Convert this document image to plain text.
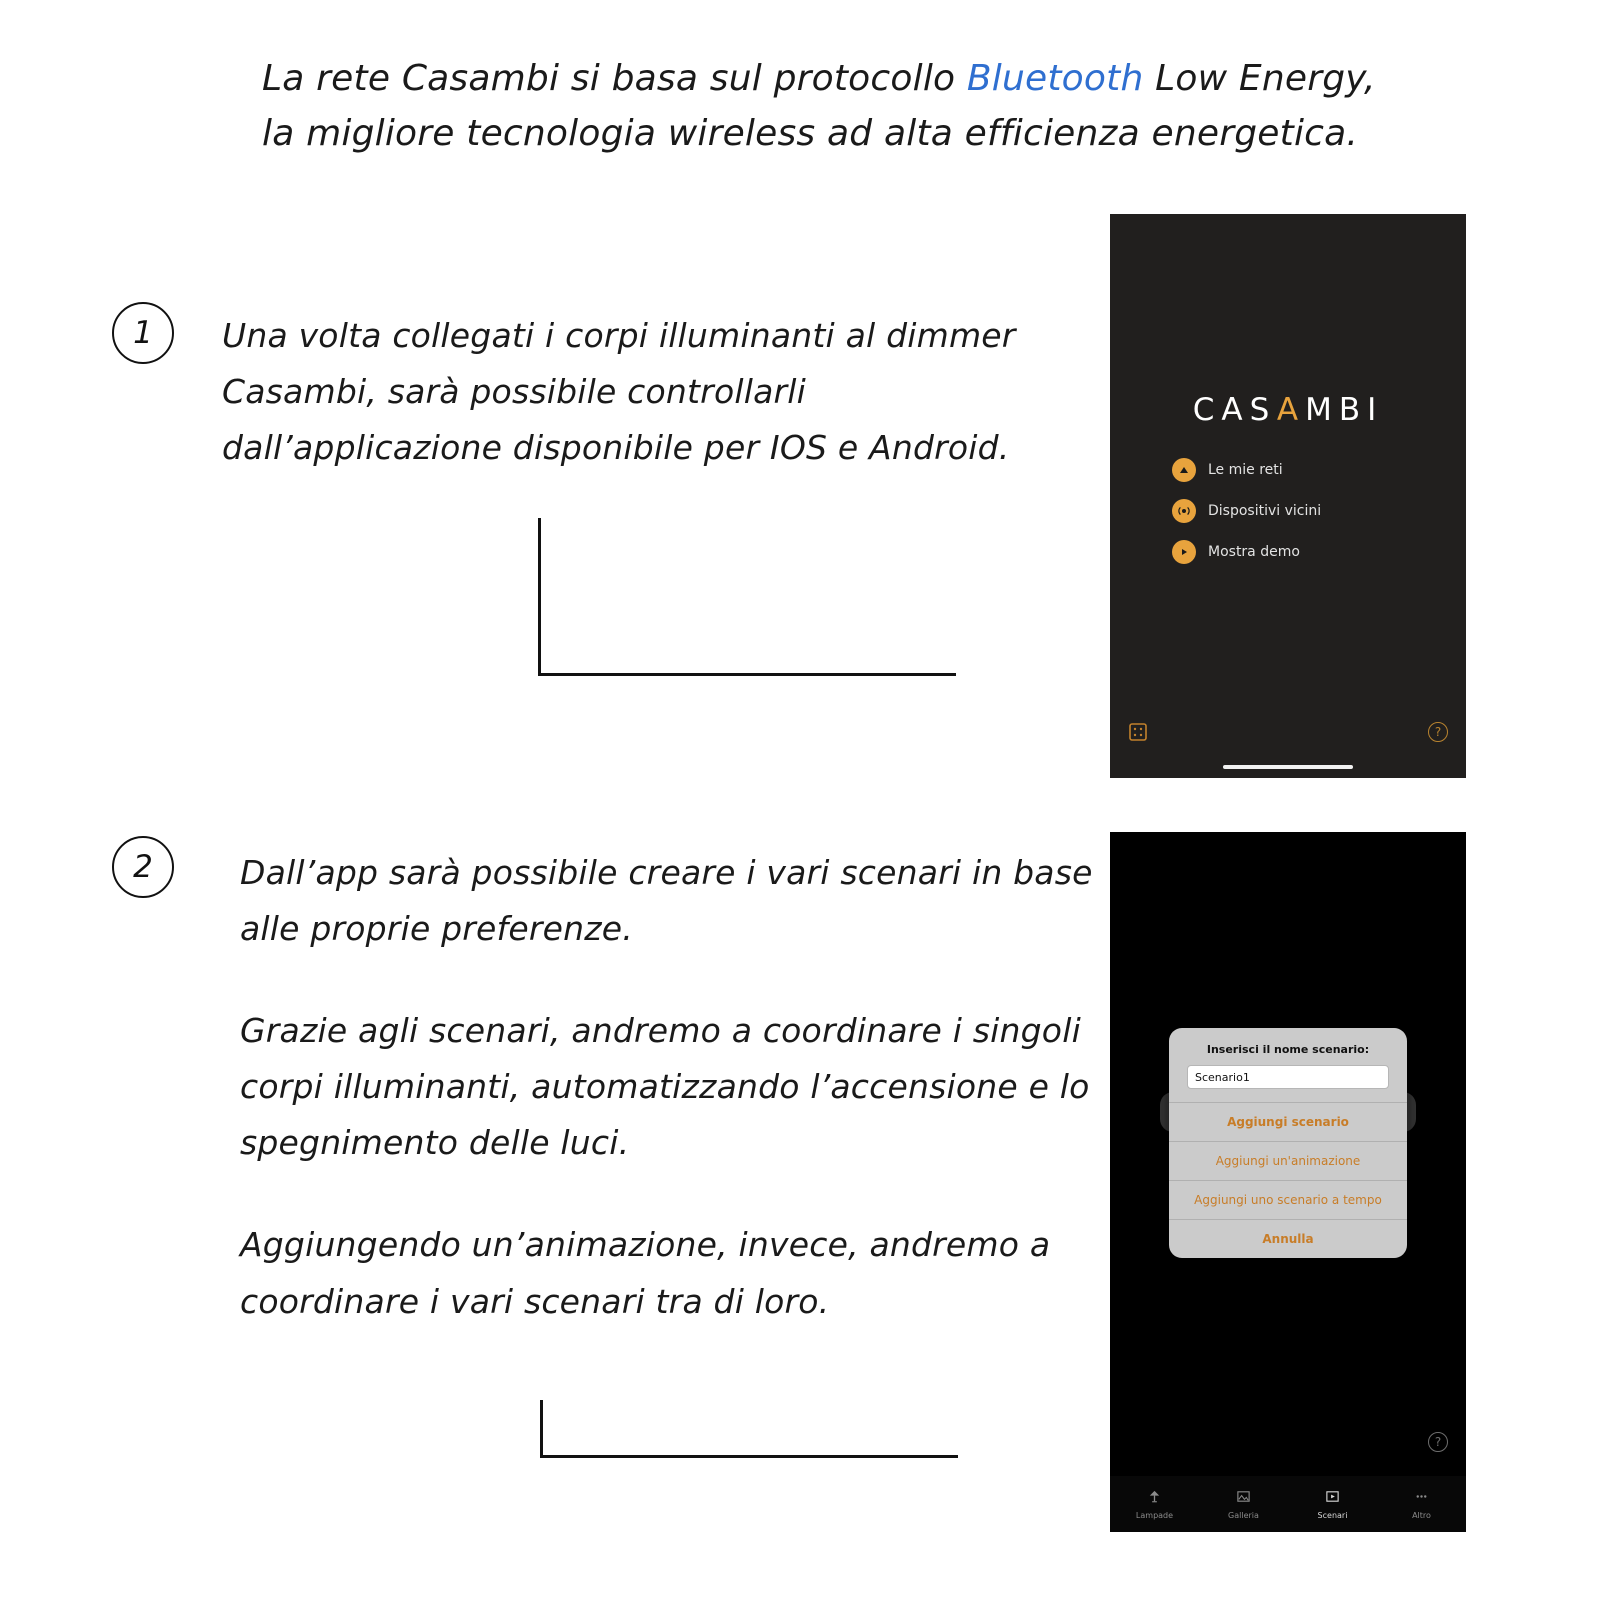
La rete Casambi si basa sul protocollo Bluetooth Low Energy,
la migliore tecnologia wireless ad alta efficienza energetica.
1 Una volta collegati i corpi illuminanti al dimmer Casambi, sarà possibile controllarli dall’applicazione disponibile per IOS e Android.

2	Dall’app sarà possibile creare i vari scenari in base alle proprie preferenze.

Grazie agli scenari, andremo a coordinare i singoli corpi illuminanti, automatizzando l’accensione e lo spegnimento delle luci.

Aggiungendo un’animazione, invece, andremo a coordinare i vari scenari tra di loro.

CASAMBI
Le mie reti
Dispositivi vicini
Mostra demo
?
Inserisci il nome scenario:
Scenario1
Aggiungi scenario
Aggiungi un'animazione
Aggiungi uno scenario a tempo
Annulla
?
Lampade	Galleria	Scenari	Altro
